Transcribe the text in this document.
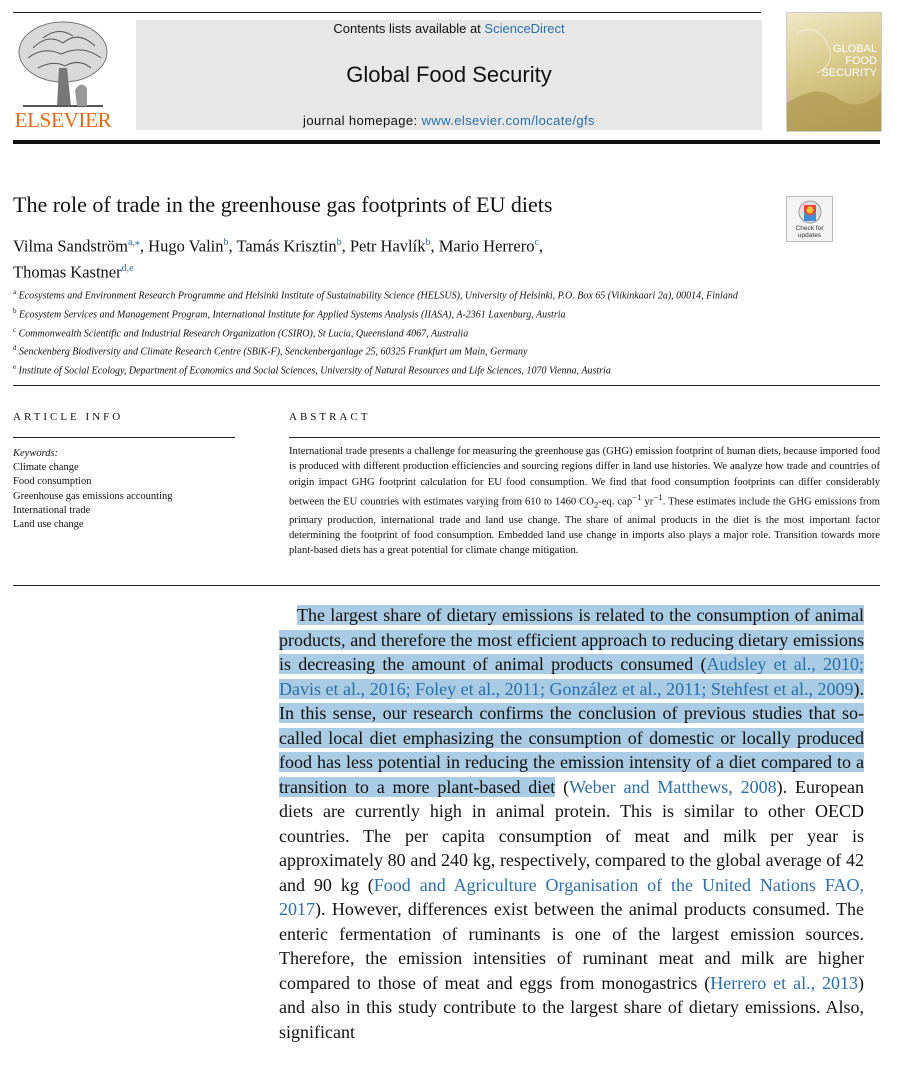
ELSEVIER
Contents lists available at ScienceDirect
Global Food Security
journal homepage: www.elsevier.com/locate/gfs
GLOBAL
FOOD
SECURITY
The role of trade in the greenhouse gas footprints of EU diets
Check for
updates
Vilma Sandström$^{a,⁎}$, Hugo Valin$^b$, Tamás Krisztin$^b$, Petr Havlík$^b$, Mario Herrero$^c$,
Thomas Kastner$^{d,e}$
$^a$ Ecosystems and Environment Research Programme and Helsinki Institute of Sustainability Science (HELSUS), University of Helsinki, P.O. Box 65 (Viikinkaari 2a), 00014, Finland
$^b$ Ecosystem Services and Management Program, International Institute for Applied Systems Analysis (IIASA), A-2361 Laxenburg, Austria
$^c$ Commonwealth Scientific and Industrial Research Organization (CSIRO), St Lucia, Queensland 4067, Australia
$^d$ Senckenberg Biodiversity and Climate Research Centre (SBiK-F), Senckenberganlage 25, 60325 Frankfurt am Main, Germany
$^e$ Institute of Social Ecology, Department of Economics and Social Sciences, University of Natural Resources and Life Sciences, 1070 Vienna, Austria
ARTICLE INFO
Keywords:
Climate change
Food consumption
Greenhouse gas emissions accounting
International trade
Land use change
ABSTRACT
International trade presents a challenge for measuring the greenhouse gas (GHG) emission footprint of human diets, because imported food is produced with different production efficiencies and sourcing regions differ in land use histories. We analyze how trade and countries of origin impact GHG footprint calculation for EU food consumption. We find that food consumption footprints can differ considerably between the EU countries with estimates varying from 610 to 1460 $CO_2-eq$. cap$^{-1}$ $yr^{-1}$. These estimates include the GHG emissions from primary production, international trade and land use change. The share of animal products in the diet is the most important factor determining the footprint of food consumption. Embedded land use change in imports also plays a major role. Transition towards more plant-based diets has a great potential for climate change mitigation.
 The largest share of dietary emissions is related to the consumption of animal products, and therefore the most efficient approach to reducing dietary emissions is decreasing the amount of animal products consumed (Audsley et al., 2010; Davis et al., 2016; Foley et al., 2011; González et al., 2011; Stehfest et al., 2009). In this sense, our research confirms the conclusion of previous studies that so-called local diet emphasizing the consumption of domestic or locally produced food has less potential in reducing the emission intensity of a diet compared to a transition to a more plant-based diet (Weber and Matthews, 2008). European diets are currently high in animal protein. This is similar to other OECD countries. The per capita consumption of meat and milk per year is approximately 80 and 240 kg, respectively, compared to the global average of 42 and 90 kg (Food and Agriculture Organisation of the United Nations FAO, 2017). However, differences exist between the animal products consumed. The enteric fermentation of ruminants is one of the largest emission sources. Therefore, the emission intensities of ruminant meat and milk are higher compared to those of meat and eggs from monogastrics (Herrero et al., 2013) and also in this study contribute to the largest share of dietary emissions. Also, significant
